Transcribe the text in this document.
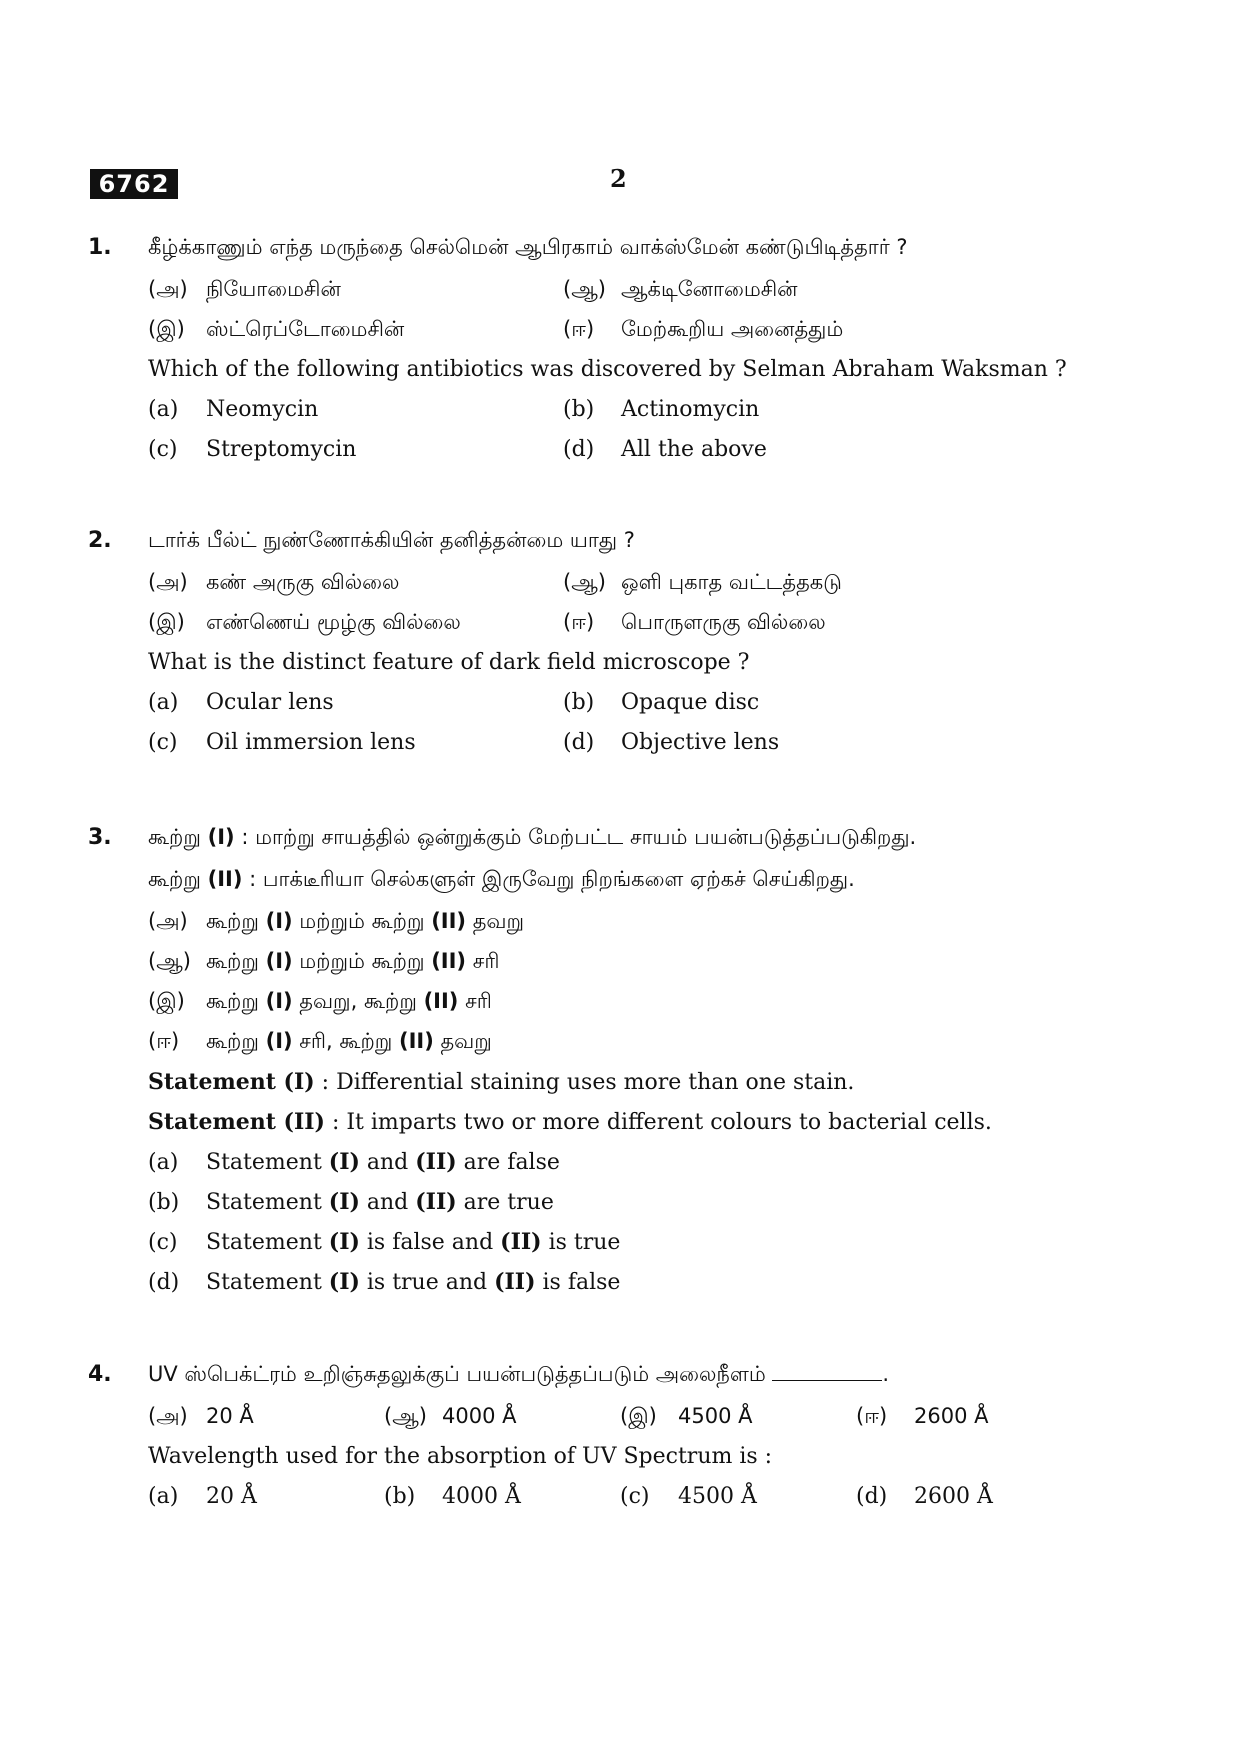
6762	2
1. கீழ்க்காணும் எந்த மருந்தை செல்மென் ஆபிரகாம் வாக்ஸ்மேன் கண்டுபிடித்தார் ?
(அ) நியோமைசின்	(ஆ) ஆக்டினோமைசின்
(இ) ஸ்ட்ரெப்டோமைசின்	(ஈ) மேற்கூறிய அனைத்தும்
Which of the following antibiotics was discovered by Selman Abraham Waksman ?
(a) Neomycin	(b) Actinomycin
(c) Streptomycin	(d) All the above
2. டார்க் பீல்ட் நுண்ணோக்கியின் தனித்தன்மை யாது ?
(அ) கண் அருகு வில்லை	(ஆ) ஒளி புகாத வட்டத்தகடு
(இ) எண்ணெய் மூழ்கு வில்லை	(ஈ) பொருளருகு வில்லை
What is the distinct feature of dark field microscope ?
(a) Ocular lens	(b) Opaque disc
(c) Oil immersion lens	(d) Objective lens
3. கூற்று (I) : மாற்று சாயத்தில் ஒன்றுக்கும் மேற்பட்ட சாயம் பயன்படுத்தப்படுகிறது.
கூற்று (II) : பாக்டீரியா செல்களுள் இருவேறு நிறங்களை ஏற்கச் செய்கிறது.
(அ) கூற்று (I) மற்றும் கூற்று (II) தவறு
(ஆ) கூற்று (I) மற்றும் கூற்று (II) சரி
(இ) கூற்று (I) தவறு, கூற்று (II) சரி
(ஈ) கூற்று (I) சரி, கூற்று (II) தவறு
Statement (I) : Differential staining uses more than one stain.
Statement (II) : It imparts two or more different colours to bacterial cells.
(a) Statement (I) and (II) are false
(b) Statement (I) and (II) are true
(c) Statement (I) is false and (II) is true
(d) Statement (I) is true and (II) is false
4. UV ஸ்பெக்ட்ரம் உறிஞ்சுதலுக்குப் பயன்படுத்தப்படும் அலைநீளம்	.
(அ) 20 Å	(ஆ) 4000 Å	(இ) 4500 Å	(ஈ) 2600 Å
Wavelength used for the absorption of UV Spectrum is :
(a) 20 Å	(b) 4000 Å	(c) 4500 Å	(d) 2600 Å
